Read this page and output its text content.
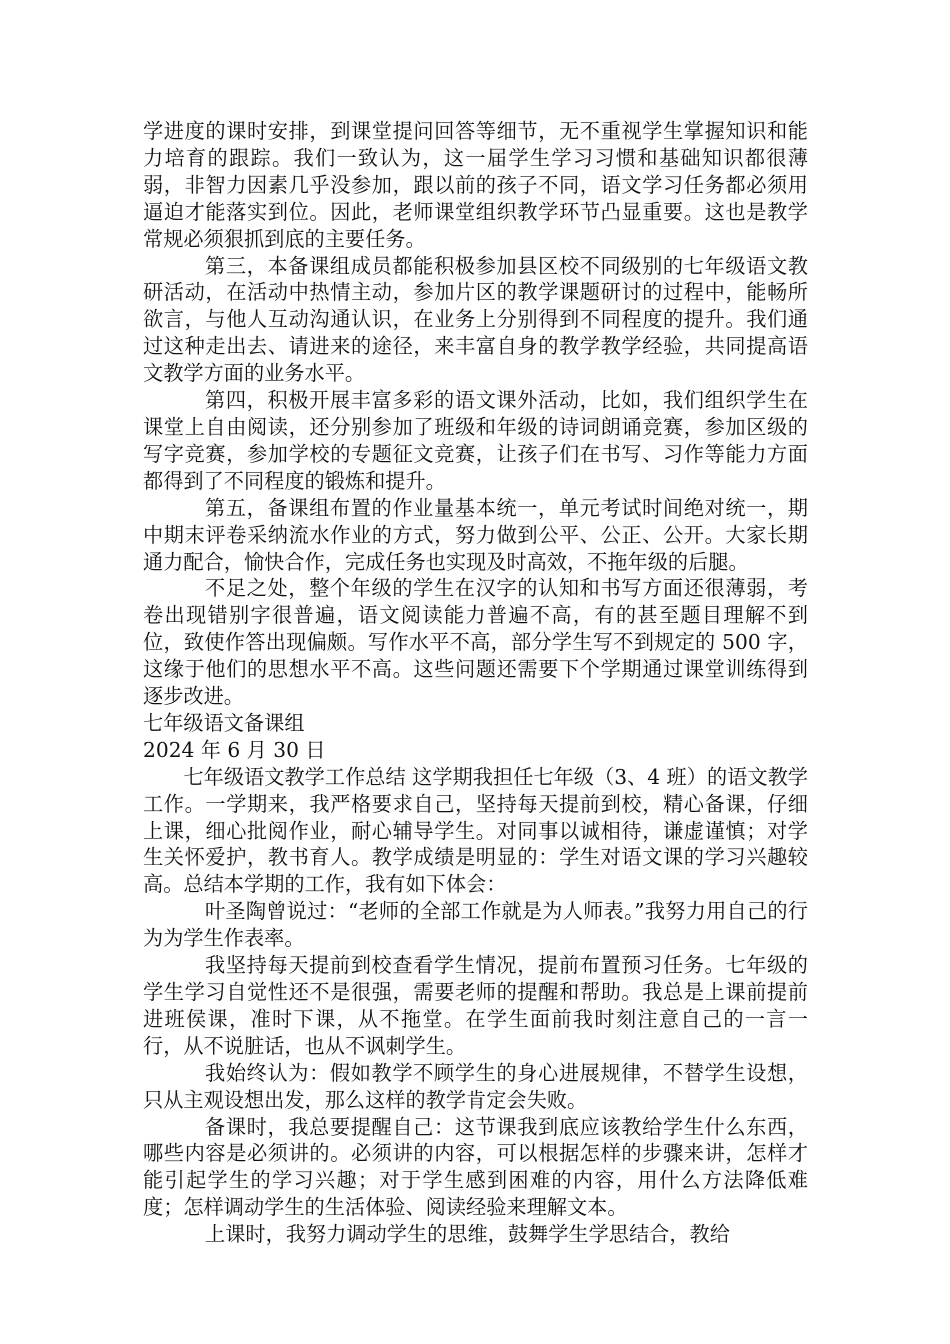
学进度的课时安排，到课堂提问回答等细节，无不重视学生掌握知识和能力培育的跟踪。我们一致认为，这一届学生学习习惯和基础知识都很薄弱，非智力因素几乎没参加，跟以前的孩子不同，语文学习任务都必须用逼迫才能落实到位。因此，老师课堂组织教学环节凸显重要。这也是教学常规必须狠抓到底的主要任务。

第三，本备课组成员都能积极参加县区校不同级别的七年级语文教研活动，在活动中热情主动，参加片区的教学课题研讨的过程中，能畅所欲言，与他人互动沟通认识，在业务上分别得到不同程度的提升。我们通过这种走出去、请进来的途径，来丰富自身的教学教学经验，共同提高语文教学方面的业务水平。

第四，积极开展丰富多彩的语文课外活动，比如，我们组织学生在课堂上自由阅读，还分别参加了班级和年级的诗词朗诵竞赛，参加区级的写字竞赛，参加学校的专题征文竞赛，让孩子们在书写、习作等能力方面都得到了不同程度的锻炼和提升。

第五，备课组布置的作业量基本统一，单元考试时间绝对统一，期中期末评卷采纳流水作业的方式，努力做到公平、公正、公开。大家长期通力配合，愉快合作，完成任务也实现及时高效，不拖年级的后腿。

不足之处，整个年级的学生在汉字的认知和书写方面还很薄弱，考卷出现错别字很普遍，语文阅读能力普遍不高，有的甚至题目理解不到位，致使作答出现偏颇。写作水平不高，部分学生写不到规定的 500 字，这缘于他们的思想水平不高。这些问题还需要下个学期通过课堂训练得到逐步改进。

七年级语文备课组

2024 年 6 月 30 日

　　七年级语文教学工作总结 这学期我担任七年级（3、4 班）的语文教学工作。一学期来，我严格要求自己，坚持每天提前到校，精心备课，仔细上课，细心批阅作业，耐心辅导学生。对同事以诚相待，谦虚谨慎；对学生关怀爱护，教书育人。教学成绩是明显的：学生对语文课的学习兴趣较高。总结本学期的工作，我有如下体会：

叶圣陶曾说过：“老师的全部工作就是为人师表。”我努力用自己的行为为学生作表率。

我坚持每天提前到校查看学生情况，提前布置预习任务。七年级的学生学习自觉性还不是很强，需要老师的提醒和帮助。我总是上课前提前进班侯课，准时下课，从不拖堂。在学生面前我时刻注意自己的一言一行，从不说脏话，也从不讽刺学生。

我始终认为：假如教学不顾学生的身心进展规律，不替学生设想，只从主观设想出发，那么这样的教学肯定会失败。

备课时，我总要提醒自己：这节课我到底应该教给学生什么东西，哪些内容是必须讲的。必须讲的内容，可以根据怎样的步骤来讲，怎样才能引起学生的学习兴趣；对于学生感到困难的内容，用什么方法降低难度；怎样调动学生的生活体验、阅读经验来理解文本。

上课时，我努力调动学生的思维，鼓舞学生学思结合，教给
